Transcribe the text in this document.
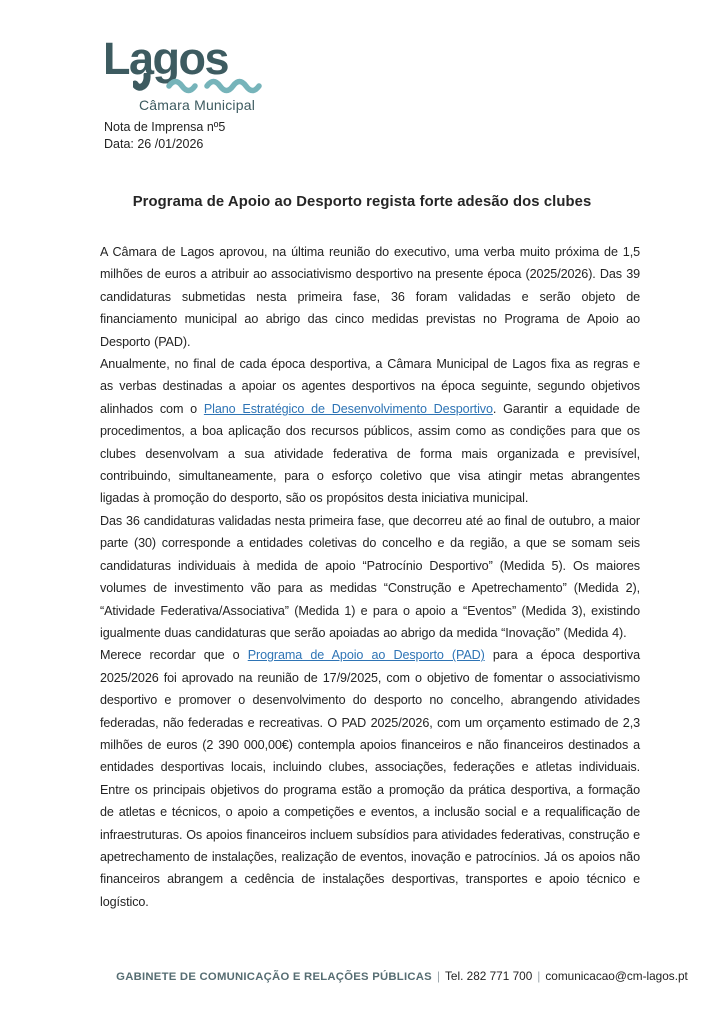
Lagos
Câmara Municipal
Nota de Imprensa nº5
Data: 26 /01/2026
Programa de Apoio ao Desporto regista forte adesão dos clubes

A Câmara de Lagos aprovou, na última reunião do executivo, uma verba muito próxima de 1,5 milhões de euros a atribuir ao associativismo desportivo na presente época (2025/2026). Das 39 candidaturas submetidas nesta primeira fase, 36 foram validadas e serão objeto de financiamento municipal ao abrigo das cinco medidas previstas no Programa de Apoio ao Desporto (PAD).

Anualmente, no final de cada época desportiva, a Câmara Municipal de Lagos fixa as regras e as verbas destinadas a apoiar os agentes desportivos na época seguinte, segundo objetivos alinhados com o Plano Estratégico de Desenvolvimento Desportivo. Garantir a equidade de procedimentos, a boa aplicação dos recursos públicos, assim como as condições para que os clubes desenvolvam a sua atividade federativa de forma mais organizada e previsível, contribuindo, simultaneamente, para o esforço coletivo que visa atingir metas abrangentes ligadas à promoção do desporto, são os propósitos desta iniciativa municipal.

Das 36 candidaturas validadas nesta primeira fase, que decorreu até ao final de outubro, a maior parte (30) corresponde a entidades coletivas do concelho e da região, a que se somam seis candidaturas individuais à medida de apoio “Patrocínio Desportivo” (Medida 5). Os maiores volumes de investimento vão para as medidas “Construção e Apetrechamento” (Medida 2), “Atividade Federativa/Associativa” (Medida 1) e para o apoio a “Eventos” (Medida 3), existindo igualmente duas candidaturas que serão apoiadas ao abrigo da medida “Inovação” (Medida 4).

Merece recordar que o Programa de Apoio ao Desporto (PAD) para a época desportiva 2025/2026 foi aprovado na reunião de 17/9/2025, com o objetivo de fomentar o associativismo desportivo e promover o desenvolvimento do desporto no concelho, abrangendo atividades federadas, não federadas e recreativas. O PAD 2025/2026, com um orçamento estimado de 2,3 milhões de euros (2 390 000,00€) contempla apoios financeiros e não financeiros destinados a entidades desportivas locais, incluindo clubes, associações, federações e atletas individuais. Entre os principais objetivos do programa estão a promoção da prática desportiva, a formação de atletas e técnicos, o apoio a competições e eventos, a inclusão social e a requalificação de infraestruturas. Os apoios financeiros incluem subsídios para atividades federativas, construção e apetrechamento de instalações, realização de eventos, inovação e patrocínios. Já os apoios não financeiros abrangem a cedência de instalações desportivas, transportes e apoio técnico e logístico.

GABINETE DE COMUNICAÇÃO E RELAÇÕES PÚBLICAS | Tel. 282 771 700 | comunicacao@cm-lagos.pt
